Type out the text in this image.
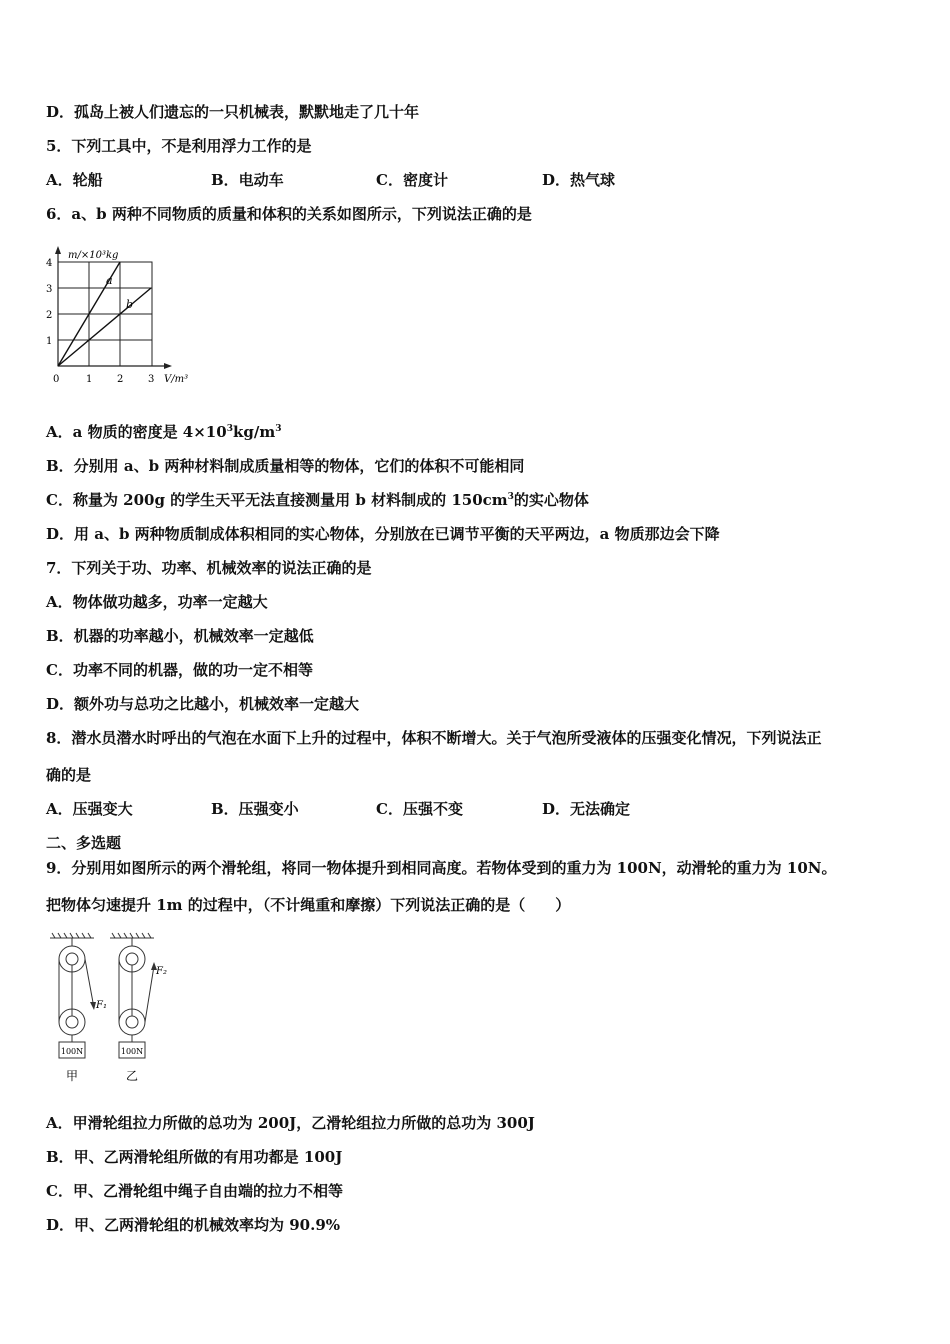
D．孤岛上被人们遗忘的一只机械表，默默地走了几十年
5．下列工具中，不是利用浮力工作的是
A．轮船	B．电动车	C．密度计	D．热气球
6．a、b 两种不同物质的质量和体积的关系如图所示，下列说法正确的是
a
b
m/×10³kg
V/m³
0	1 2 3
1
2
3
4
A．a 物质的密度是 $4\times 10^3kg/m^3$
B．分别用 a、b 两种材料制成质量相等的物体，它们的体积不可能相同
C．称量为 200g 的学生天平无法直接测量用 b 材料制成的 $150cm^3$的实心物体
D．用 a、b 两种物质制成体积相同的实心物体，分别放在已调节平衡的天平两边，a 物质那边会下降
7．下列关于功、功率、机械效率的说法正确的是
A．物体做功越多，功率一定越大
B．机器的功率越小，机械效率一定越低
C．功率不同的机器，做的功一定不相等
D．额外功与总功之比越小，机械效率一定越大
8．潜水员潜水时呼出的气泡在水面下上升的过程中，体积不断增大。关于气泡所受液体的压强变化情况，下列说法正
确的是
A．压强变大	B．压强变小	C．压强不变	D．无法确定
二、多选题
9．分别用如图所示的两个滑轮组，将同一物体提升到相同高度。若物体受到的重力为 100N，动滑轮的重力为 10N。
把物体匀速提升 1m 的过程中，（不计绳重和摩擦）下列说法正确的是（　　）
F₁
100N
甲
F₂
100N
乙
A．甲滑轮组拉力所做的总功为 200J，乙滑轮组拉力所做的总功为 300J
B．甲、乙两滑轮组所做的有用功都是 100J
C．甲、乙滑轮组中绳子自由端的拉力不相等
D．甲、乙两滑轮组的机械效率均为 90.9%
